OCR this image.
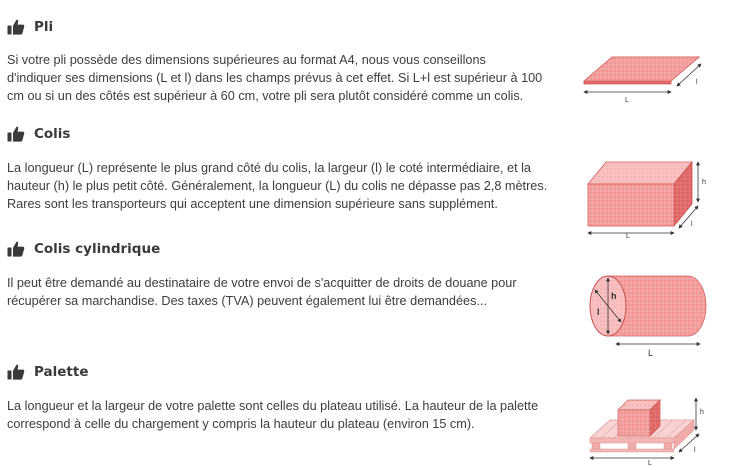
Pli

Si votre pli possède des dimensions supérieures au format A4, nous vous conseillons
d'indiquer ses dimensions (L et l) dans les champs prévus à cet effet. Si L+l est supérieur à 100
cm ou si un des côtés est supérieur à 60 cm, votre pli sera plutôt considéré comme un colis.	L
l
Colis

La longueur (L) représente le plus grand côté du colis, la largeur (l) le coté intermédiaire, et la
hauteur (h) le plus petit côté. Généralement, la longueur (L) du colis ne dépasse pas 2,8 mètres.
Rares sont les transporteurs qui acceptent une dimension supérieure sans supplément.

L
l
h
Colis cylindrique

Il peut être demandé au destinataire de votre envoi de s'acquitter de droits de douane pour
récupérer sa marchandise. Des taxes (TVA) peuvent également lui être demandées...	h
l
L
Palette

La longueur et la largeur de votre palette sont celles du plateau utilisé. La hauteur de la palette
correspond à celle du chargement y compris la hauteur du plateau (environ 15 cm).

L
l
h
